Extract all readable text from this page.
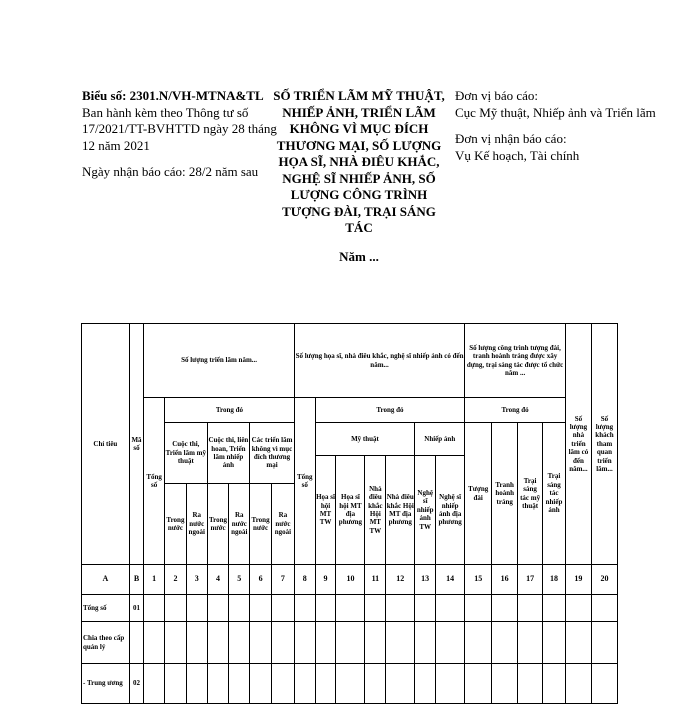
Biểu số: 2301.N/VH-MTNA&TL
Ban hành kèm theo Thông tư số 17/2021/TT-BVHTTD ngày 28 tháng 12 năm 2021

Ngày nhận báo cáo: 28/2 năm sau

SỐ TRIỂN LÃM MỸ THUẬT, NHIẾP ẢNH, TRIỂN LÃM KHÔNG VÌ MỤC ĐÍCH THƯƠNG MẠI, SỐ LƯỢNG HỌA SĨ, NHÀ ĐIÊU KHẮC, NGHỆ SĨ NHIẾP ẢNH, SỐ LƯỢNG CÔNG TRÌNH TƯỢNG ĐÀI, TRẠI SÁNG TÁC
Năm ...

Đơn vị báo cáo:
Cục Mỹ thuật, Nhiếp ảnh và Triển lãm

Đơn vị nhận báo cáo:
Vụ Kế hoạch, Tài chính

Chỉ tiêu	Mã số	Số lượng triển lãm năm...							Số lượng họa sĩ, nhà điêu khắc, nghệ sĩ nhiếp ảnh có đến năm...							Số lượng công trình tượng đài, tranh hoành tráng được xây dựng, trại sáng tác được tổ chức năm ...				Số lượng nhà triển lãm có đến năm...	Số lượng khách tham quan triển lãm...
		Tổng số	Trong đó						Tổng số	Trong đó						Trong đó					
			Cuộc thi, Triển lãm mỹ thuật		Cuộc thi, liên hoan, Triển lãm nhiếp ảnh		Các triển lãm không vì mục đích thương mại			Mỹ thuật				Nhiếp ảnh		Tượng đài	Tranh hoành tráng	Trại sáng tác mỹ thuật	Trại sáng tác nhiếp ảnh		
										Họa sĩ hội MT TW	Họa sĩ hội MT địa phương	Nhà điêu khắc Hội MT TW	Nhà điêu khắc Hội MT địa phương	Nghệ sĩ nhiếp ảnh TW	Nghệ sĩ nhiếp ảnh địa phương						
			Trong nước	Ra nước ngoài	Trong nước	Ra nước ngoài	Trong nước	Ra nước ngoài													
A	B	1	2	3	4	5	6	7	8	9	10	11	12	13	14	15	16	17	18	19	20
Tổng số	01																				
Chia theo cấp quản lý																					
- Trung ương	02																				
